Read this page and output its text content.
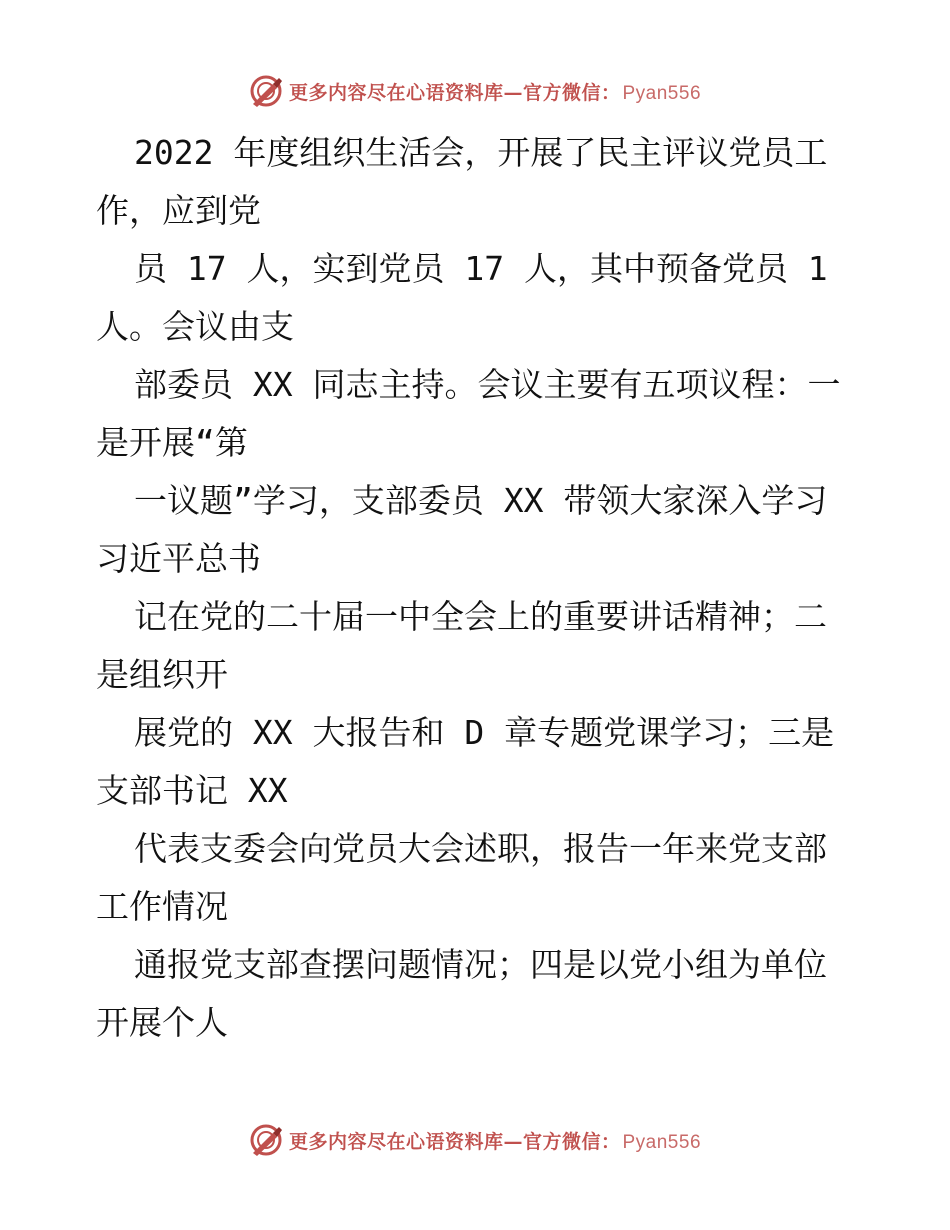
更多内容尽在心语资料库—官方微信： Pyan556

2022 年度组织生活会，开展了民主评议党员工

作，应到党

员 17 人，实到党员 17 人，其中预备党员 1

人。会议由支

部委员 XX 同志主持。会议主要有五项议程：一

是开展“第

一议题”学习，支部委员 XX 带领大家深入学习

习近平总书

记在党的二十届一中全会上的重要讲话精神；二

是组织开

展党的 XX 大报告和 D 章专题党课学习；三是

支部书记 XX

代表支委会向党员大会述职，报告一年来党支部

工作情况

通报党支部查摆问题情况；四是以党小组为单位

开展个人

更多内容尽在心语资料库—官方微信： Pyan556
